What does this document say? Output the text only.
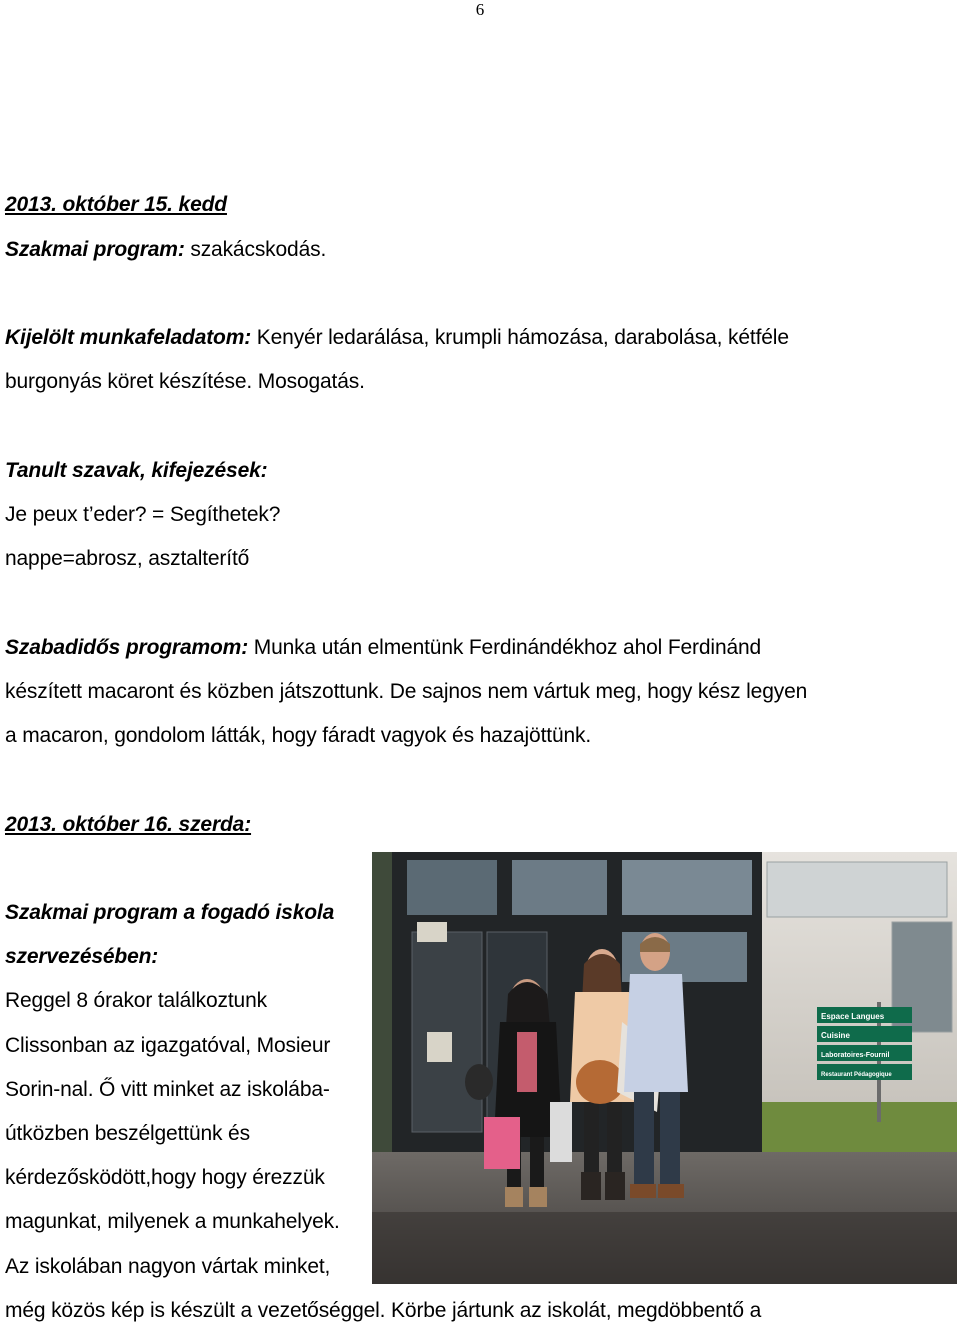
6
2013. október 15. kedd
Szakmai program: szakácskodás.
Kijelölt munkafeladatom: Kenyér ledarálása, krumpli hámozása, darabolása, kétféle
burgonyás köret készítése. Mosogatás.
Tanult szavak, kifejezések:
Je peux t’eder? = Segíthetek?
nappe=abrosz, asztalterítő
Szabadidős programom: Munka után elmentünk Ferdinándékhoz ahol Ferdinánd
készített macaront és közben játszottunk. De sajnos nem vártuk meg, hogy kész legyen
a macaron, gondolom látták, hogy fáradt vagyok és hazajöttünk.
2013. október 16. szerda:
Szakmai program a fogadó iskola
szervezésében:
Reggel 8 órakor találkoztunk
Clissonban az igazgatóval, Mosieur
Sorin-nal. Ő vitt minket az iskolába-
útközben beszélgettünk és
kérdezősködött,hogy hogy érezzük
magunkat, milyenek a munkahelyek.
Az iskolában nagyon vártak minket,
még közös kép is készült a vezetőséggel. Körbe jártunk az iskolát, megdöbbentő a
Espace Langues
Cuisine
Laboratoires-Fournil
Restaurant Pédagogique
